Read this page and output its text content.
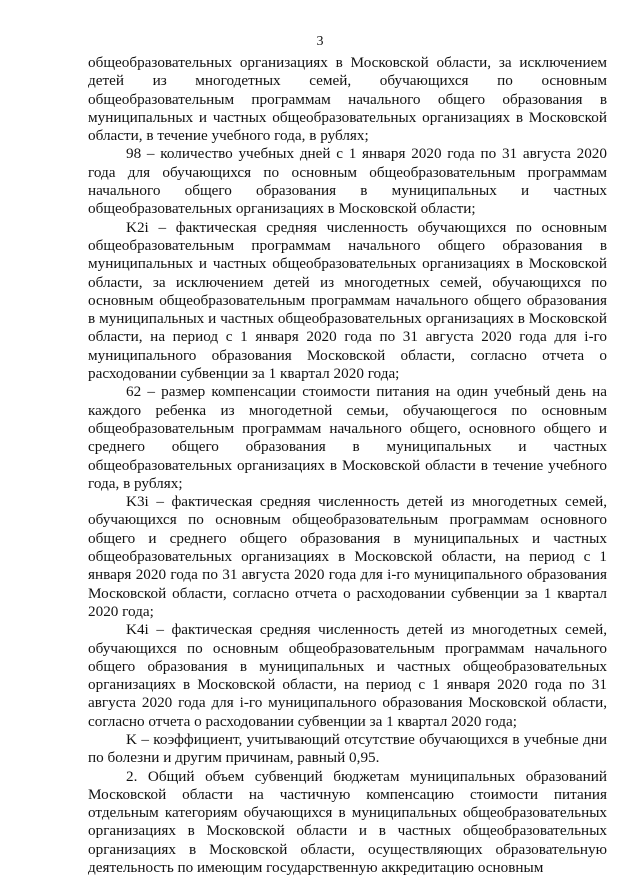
3

общеобразовательных организациях в Московской области, за исключением детей из многодетных семей, обучающихся по основным общеобразовательным программам начального общего образования в муниципальных и частных общеобразовательных организациях в Московской области, в течение учебного года, в рублях;

98 – количество учебных дней с 1 января 2020 года по 31 августа 2020 года для обучающихся по основным общеобразовательным программам начального общего образования в муниципальных и частных общеобразовательных организациях в Московской области;

K2i – фактическая средняя численность обучающихся по основным общеобразовательным программам начального общего образования в муниципальных и частных общеобразовательных организациях в Московской области, за исключением детей из многодетных семей, обучающихся по основным общеобразовательным программам начального общего образования в муниципальных и частных общеобразовательных организациях в Московской области, на период с 1 января 2020 года по 31 августа 2020 года для i-го муниципального образования Московской области, согласно отчета о расходовании субвенции за 1 квартал 2020 года;

62 – размер компенсации стоимости питания на один учебный день на каждого ребенка из многодетной семьи, обучающегося по основным общеобразовательным программам начального общего, основного общего и среднего общего образования в муниципальных и частных общеобразовательных организациях в Московской области в течение учебного года, в рублях;

K3i – фактическая средняя численность детей из многодетных семей, обучающихся по основным общеобразовательным программам основного общего и среднего общего образования в муниципальных и частных общеобразовательных организациях в Московской области, на период с 1 января 2020 года по 31 августа 2020 года для i-го муниципального образования Московской области, согласно отчета о расходовании субвенции за 1 квартал 2020 года;

K4i – фактическая средняя численность детей из многодетных семей, обучающихся по основным общеобразовательным программам начального общего образования в муниципальных и частных общеобразовательных организациях в Московской области, на период с 1 января 2020 года по 31 августа 2020 года для i-го муниципального образования Московской области, согласно отчета о расходовании субвенции за 1 квартал 2020 года;

K – коэффициент, учитывающий отсутствие обучающихся в учебные дни по болезни и другим причинам, равный 0,95.

2. Общий объем субвенций бюджетам муниципальных образований Московской области на частичную компенсацию стоимости питания отдельным категориям обучающихся в муниципальных общеобразовательных организациях в Московской области и в частных общеобразовательных организациях в Московской области, осуществляющих образовательную деятельность по имеющим государственную аккредитацию основным
